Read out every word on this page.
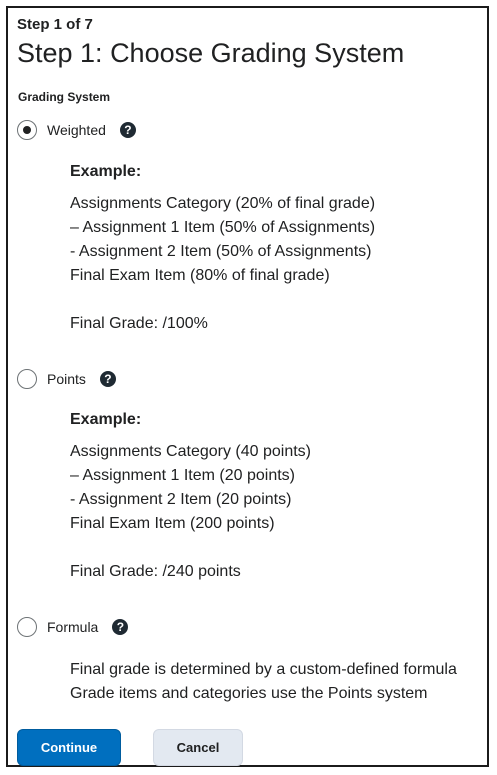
Step 1 of 7
Step 1: Choose Grading System
Grading System
Weighted	?
Example:
Assignments Category (20% of final grade)
– Assignment 1 Item (50% of Assignments)
- Assignment 2 Item (50% of Assignments)
Final Exam Item (80% of final grade)
Final Grade: /100%
Points	?
Example:
Assignments Category (40 points)
– Assignment 1 Item (20 points)
- Assignment 2 Item (20 points)
Final Exam Item (200 points)
Final Grade: /240 points
Formula	?
Final grade is determined by a custom-defined formula
Grade items and categories use the Points system
Continue	Cancel
